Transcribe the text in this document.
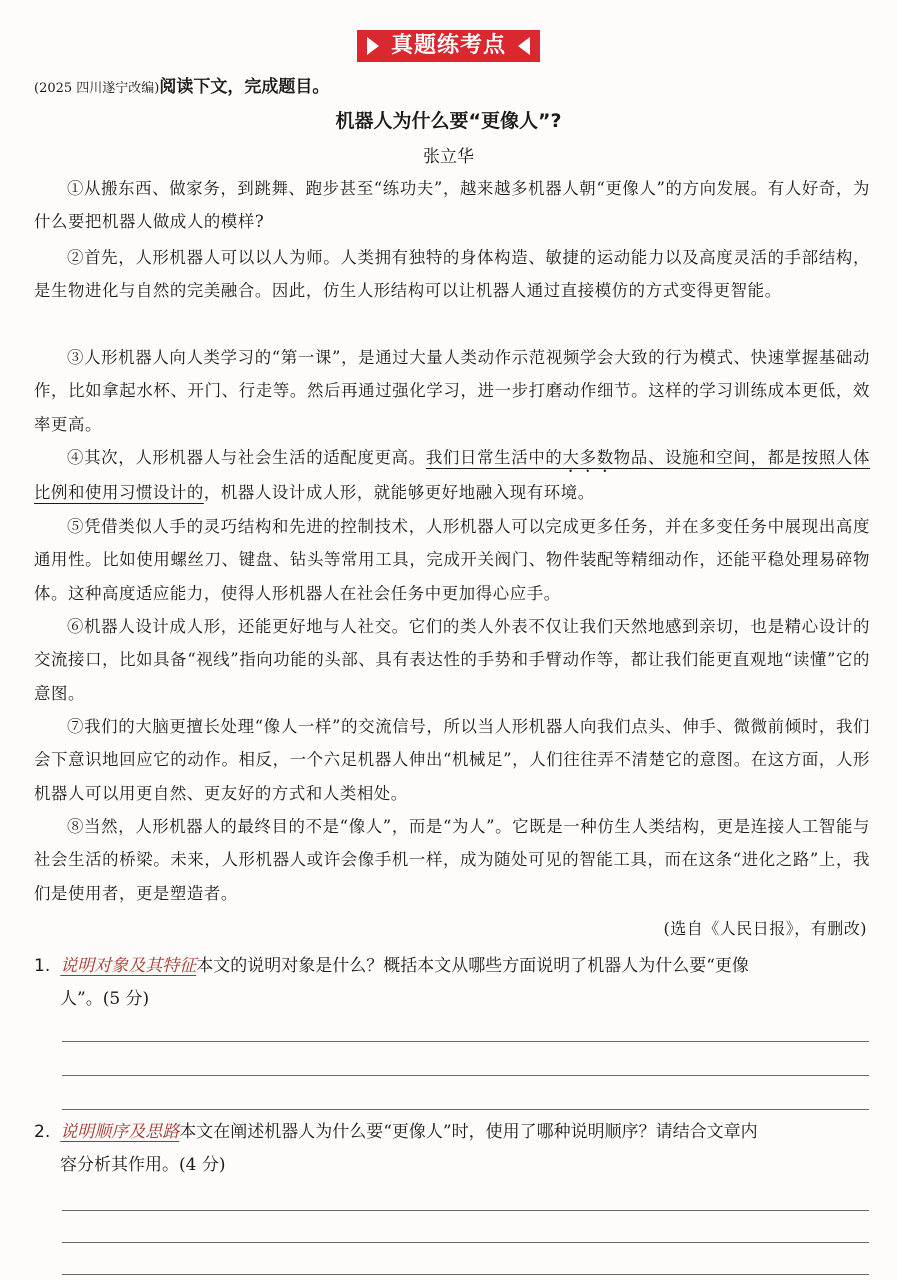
真题练考点
(2025 四川遂宁改编)阅读下文，完成题目。
机器人为什么要“更像人”?
张立华
①从搬东西、做家务，到跳舞、跑步甚至“练功夫”，越来越多机器人朝“更像人”的方向发展。有人好奇，为什么要把机器人做成人的模样?
②首先，人形机器人可以以人为师。人类拥有独特的身体构造、敏捷的运动能力以及高度灵活的手部结构，是生物进化与自然的完美融合。因此，仿生人形结构可以让机器人通过直接模仿的方式变得更智能。
③人形机器人向人类学习的“第一课”，是通过大量人类动作示范视频学会大致的行为模式、快速掌握基础动作，比如拿起水杯、开门、行走等。然后再通过强化学习，进一步打磨动作细节。这样的学习训练成本更低，效率更高。
④其次，人形机器人与社会生活的适配度更高。我们日常生活中的大多数物品、设施和空间，都是按照人体比例和使用习惯设计的，机器人设计成人形，就能够更好地融入现有环境。
⑤凭借类似人手的灵巧结构和先进的控制技术，人形机器人可以完成更多任务，并在多变任务中展现出高度通用性。比如使用螺丝刀、键盘、钻头等常用工具，完成开关阀门、物件装配等精细动作，还能平稳处理易碎物体。这种高度适应能力，使得人形机器人在社会任务中更加得心应手。
⑥机器人设计成人形，还能更好地与人社交。它们的类人外表不仅让我们天然地感到亲切，也是精心设计的交流接口，比如具备“视线”指向功能的头部、具有表达性的手势和手臂动作等，都让我们能更直观地“读懂”它的意图。
⑦我们的大脑更擅长处理“像人一样”的交流信号，所以当人形机器人向我们点头、伸手、微微前倾时，我们会下意识地回应它的动作。相反，一个六足机器人伸出“机械足”，人们往往弄不清楚它的意图。在这方面，人形机器人可以用更自然、更友好的方式和人类相处。
⑧当然，人形机器人的最终目的不是“像人”，而是“为人”。它既是一种仿生人类结构，更是连接人工智能与社会生活的桥梁。未来，人形机器人或许会像手机一样，成为随处可见的智能工具，而在这条“进化之路”上，我们是使用者，更是塑造者。
(选自《人民日报》，有删改)
1. 说明对象及其特征本文的说明对象是什么？概括本文从哪些方面说明了机器人为什么要“更像
人”。(5 分)
2. 说明顺序及思路本文在阐述机器人为什么要“更像人”时，使用了哪种说明顺序？请结合文章内
容分析其作用。(4 分)
